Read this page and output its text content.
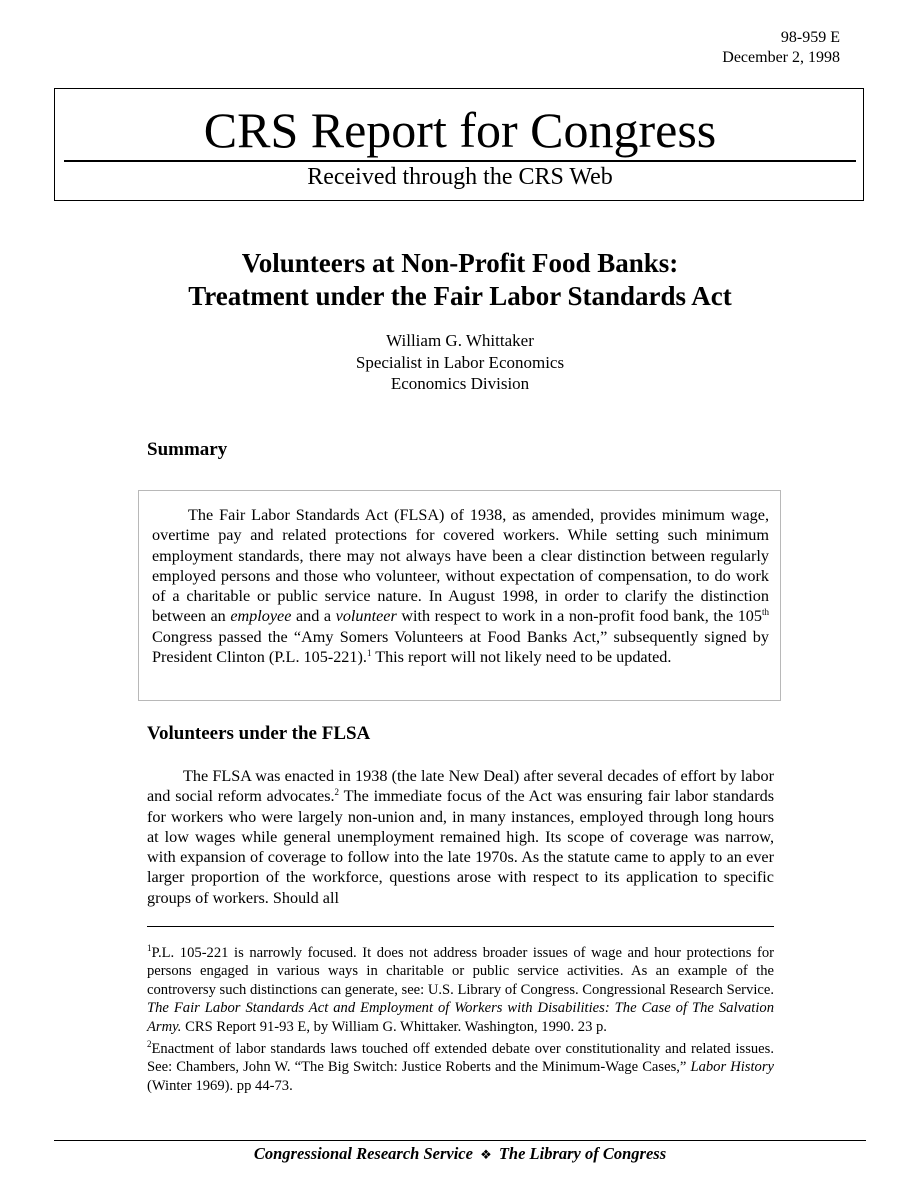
98-959 E
December 2, 1998
CRS Report for Congress
Received through the CRS Web
Volunteers at Non-Profit Food Banks:
Treatment under the Fair Labor Standards Act
William G. Whittaker
Specialist in Labor Economics
Economics Division
Summary

The Fair Labor Standards Act (FLSA) of 1938, as amended, provides minimum wage, overtime pay and related protections for covered workers. While setting such minimum employment standards, there may not always have been a clear distinction between regularly employed persons and those who volunteer, without expectation of compensation, to do work of a charitable or public service nature. In August 1998, in order to clarify the distinction between an employee and a volunteer with respect to work in a non-profit food bank, the 105th Congress passed the “Amy Somers Volunteers at Food Banks Act,” subsequently signed by President Clinton (P.L. 105-221).$^1$ This report will not likely need to be updated.

Volunteers under the FLSA

The FLSA was enacted in 1938 (the late New Deal) after several decades of effort by labor and social reform advocates.$^2$ The immediate focus of the Act was ensuring fair labor standards for workers who were largely non-union and, in many instances, employed through long hours at low wages while general unemployment remained high. Its scope of coverage was narrow, with expansion of coverage to follow into the late 1970s. As the statute came to apply to an ever larger proportion of the workforce, questions arose with respect to its application to specific groups of workers. Should all

$^1$P.L. 105-221 is narrowly focused. It does not address broader issues of wage and hour protections for persons engaged in various ways in charitable or public service activities. As an example of the controversy such distinctions can generate, see: U.S. Library of Congress. Congressional Research Service. The Fair Labor Standards Act and Employment of Workers with Disabilities: The Case of The Salvation Army. CRS Report 91-93 E, by William G. Whittaker. Washington, 1990. 23 p.

$^2$Enactment of labor standards laws touched off extended debate over constitutionality and related issues. See: Chambers, John W. “The Big Switch: Justice Roberts and the Minimum-Wage Cases,” Labor History (Winter 1969). pp 44-73.

Congressional Research Service ❖ The Library of Congress
